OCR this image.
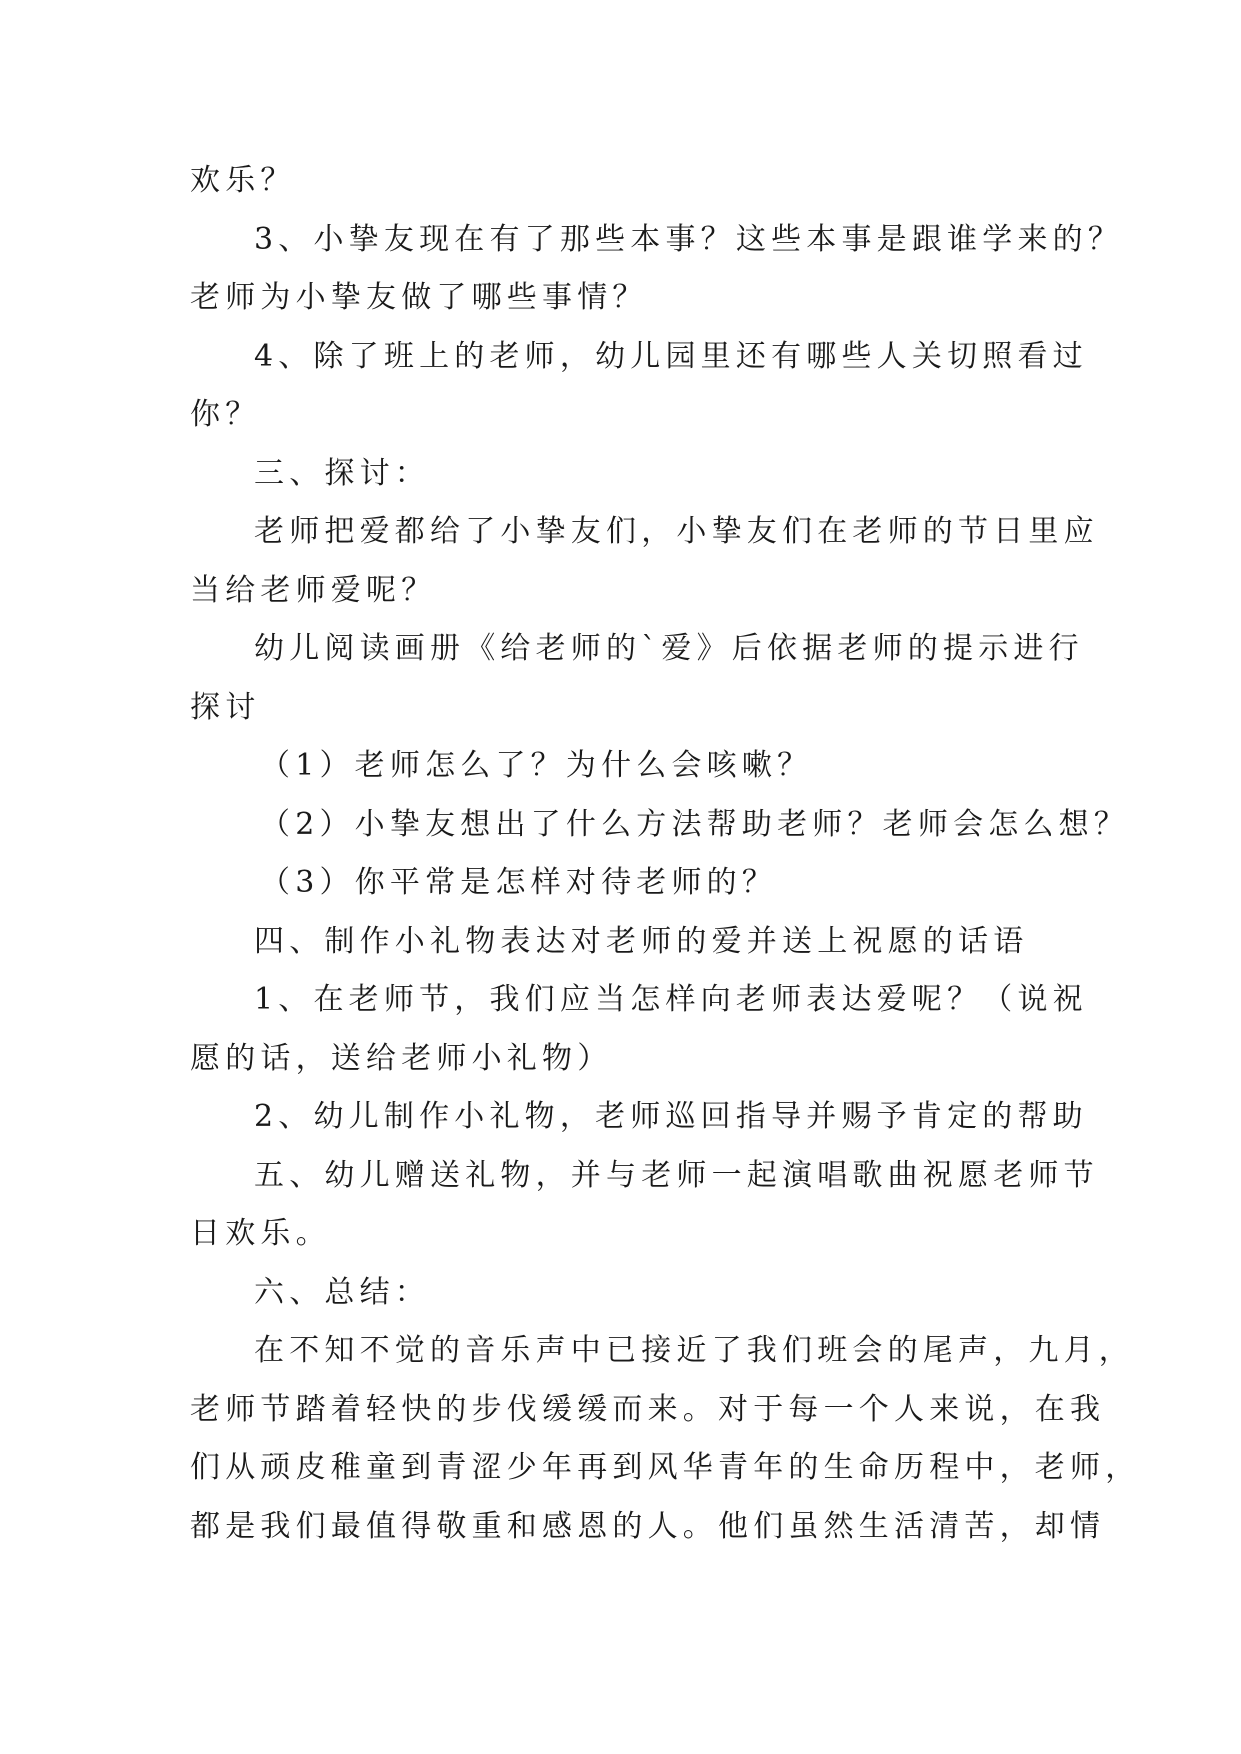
欢乐？
3、小挚友现在有了那些本事？这些本事是跟谁学来的？
老师为小挚友做了哪些事情？
4、除了班上的老师，幼儿园里还有哪些人关切照看过
你？
三、探讨：
老师把爱都给了小挚友们，小挚友们在老师的节日里应
当给老师爱呢？
幼儿阅读画册《给老师的`爱》后依据老师的提示进行
探讨
（1）老师怎么了？为什么会咳嗽？
（2）小挚友想出了什么方法帮助老师？老师会怎么想？
（3）你平常是怎样对待老师的？
四、制作小礼物表达对老师的爱并送上祝愿的话语
1、在老师节，我们应当怎样向老师表达爱呢？（说祝
愿的话，送给老师小礼物）
2、幼儿制作小礼物，老师巡回指导并赐予肯定的帮助
五、幼儿赠送礼物，并与老师一起演唱歌曲祝愿老师节
日欢乐。
六、总结：
在不知不觉的音乐声中已接近了我们班会的尾声，九月，
老师节踏着轻快的步伐缓缓而来。对于每一个人来说，在我
们从顽皮稚童到青涩少年再到风华青年的生命历程中，老师，
都是我们最值得敬重和感恩的人。他们虽然生活清苦，却情
